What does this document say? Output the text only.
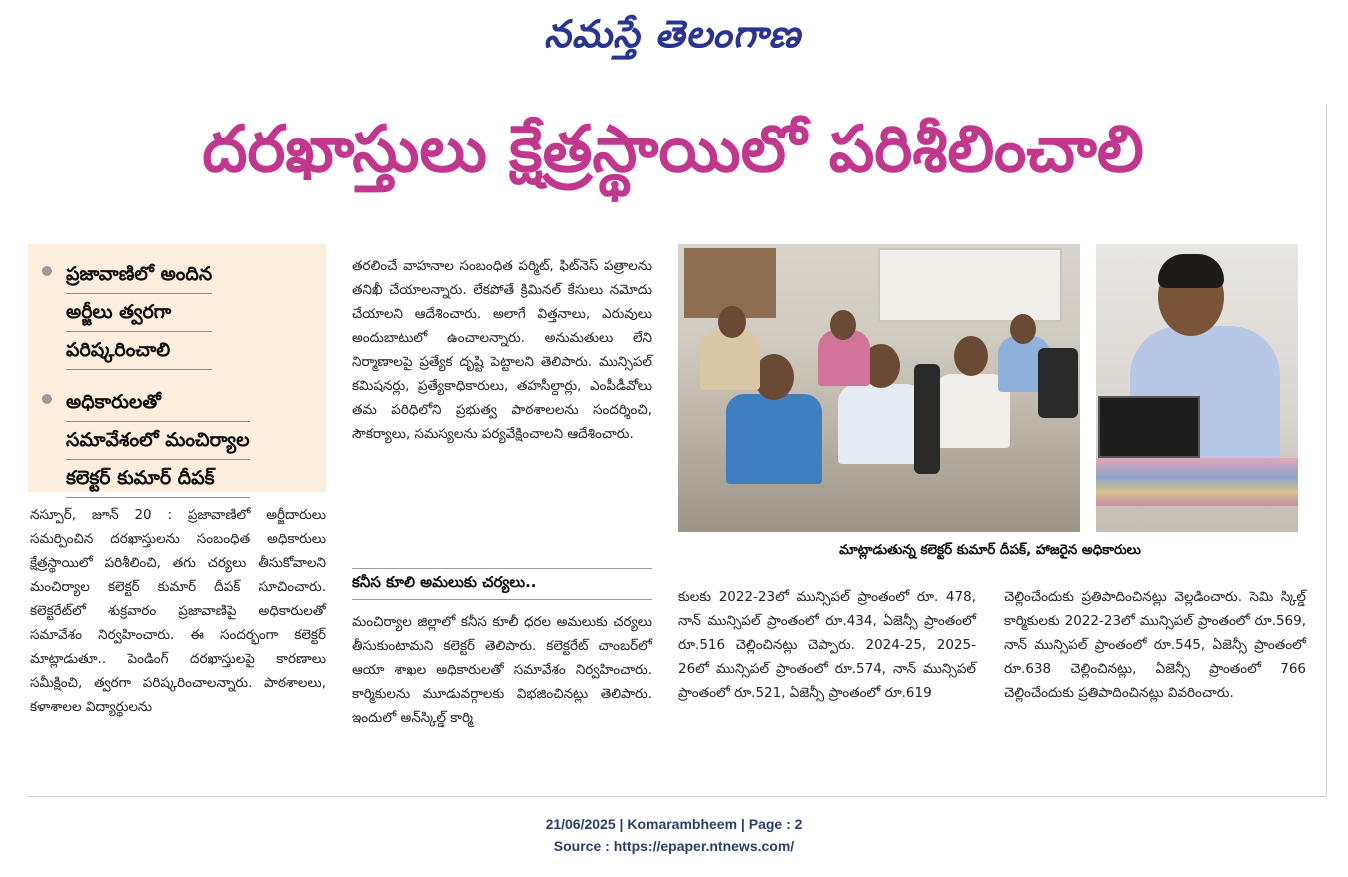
నమస్తే తెలంగాణ
దరఖాస్తులు క్షేత్రస్థాయిలో పరిశీలించాలి
ప్రజావాణిలో అందిన
అర్జీలు త్వరగా
పరిష్కరించాలి
అధికారులతో
సమావేశంలో మంచిర్యాల
కలెక్టర్ కుమార్ దీపక్

నస్పూర్, జూన్ 20 : ప్రజావాణిలో అర్జీదారులు సమర్పించిన దరఖాస్తులను సంబంధిత అధికారులు క్షేత్రస్థాయిలో పరిశీలించి, తగు చర్యలు తీసుకోవాలని మంచిర్యాల కలెక్టర్ కుమార్ దీపక్ సూచించారు. కలెక్టరేట్‌లో శుక్రవారం ప్రజావాణిపై అధికారులతో సమావేశం నిర్వహించారు. ఈ సందర్భంగా కలెక్టర్ మాట్లాడుతూ.. పెండింగ్ దరఖాస్తులపై కారణాలు సమీక్షించి, త్వరగా పరిష్కరించాలన్నారు. పాఠశాలలు, కళాశాలల విద్యార్థులను

తరలించే వాహనాల సంబంధిత పర్మిట్, ఫిట్‌నెస్ పత్రాలను తనిఖీ చేయాలన్నారు. లేకపోతే క్రిమినల్ కేసులు నమోదు చేయాలని ఆదేశించారు. అలాగే విత్తనాలు, ఎరువులు అందుబాటులో ఉంచాలన్నారు. అనుమతులు లేని నిర్మాణాలపై ప్రత్యేక దృష్టి పెట్టాలని తెలిపారు. మున్సిపల్ కమిషనర్లు, ప్రత్యేకాధికారులు, తహసీల్దార్లు, ఎంపీడీవోలు తమ పరిధిలోని ప్రభుత్వ పాఠశాలలను సందర్శించి, సౌకర్యాలు, సమస్యలను పర్యవేక్షించాలని ఆదేశించారు.

కనీస కూలి అమలుకు చర్యలు..

మంచిర్యాల జిల్లాలో కనీస కూలీ ధరల అమలుకు చర్యలు తీసుకుంటామని కలెక్టర్ తెలిపారు. కలెక్టరేట్ చాంబర్‌లో ఆయా శాఖల అధికారులతో సమావేశం నిర్వహించారు. కార్మికులను మూడువర్గాలకు విభజించినట్లు తెలిపారు. ఇందులో అన్‌స్కిల్డ్ కార్మి

కులకు 2022-23లో మున్సిపల్ ప్రాంతంలో రూ. 478, నాన్ మున్సిపల్ ప్రాంతంలో రూ.434, ఏజెన్సీ ప్రాంతంలో రూ.516 చెల్లించినట్లు చెప్పారు. 2024-25, 2025-26లో మున్సిపల్ ప్రాంతంలో రూ.574, నాన్ మున్సిపల్ ప్రాంతంలో రూ.521, ఏజెన్సీ ప్రాంతంలో రూ.619

చెల్లించేందుకు ప్రతిపాదించినట్లు వెల్లడించారు. సెమి స్కిల్డ్ కార్మికులకు 2022-23లో మున్సిపల్ ప్రాంతంలో రూ.569, నాన్ మున్సిపల్ ప్రాంతంలో రూ.545, ఏజెన్సీ ప్రాంతంలో రూ.638 చెల్లించినట్లు, ఏజెన్సీ ప్రాంతంలో 766 చెల్లించేందుకు ప్రతిపాదించినట్లు వివరించారు.

మాట్లాడుతున్న కలెక్టర్ కుమార్ దీపక్, హాజరైన అధికారులు
21/06/2025 | Komarambheem | Page : 2
Source : https://epaper.ntnews.com/
